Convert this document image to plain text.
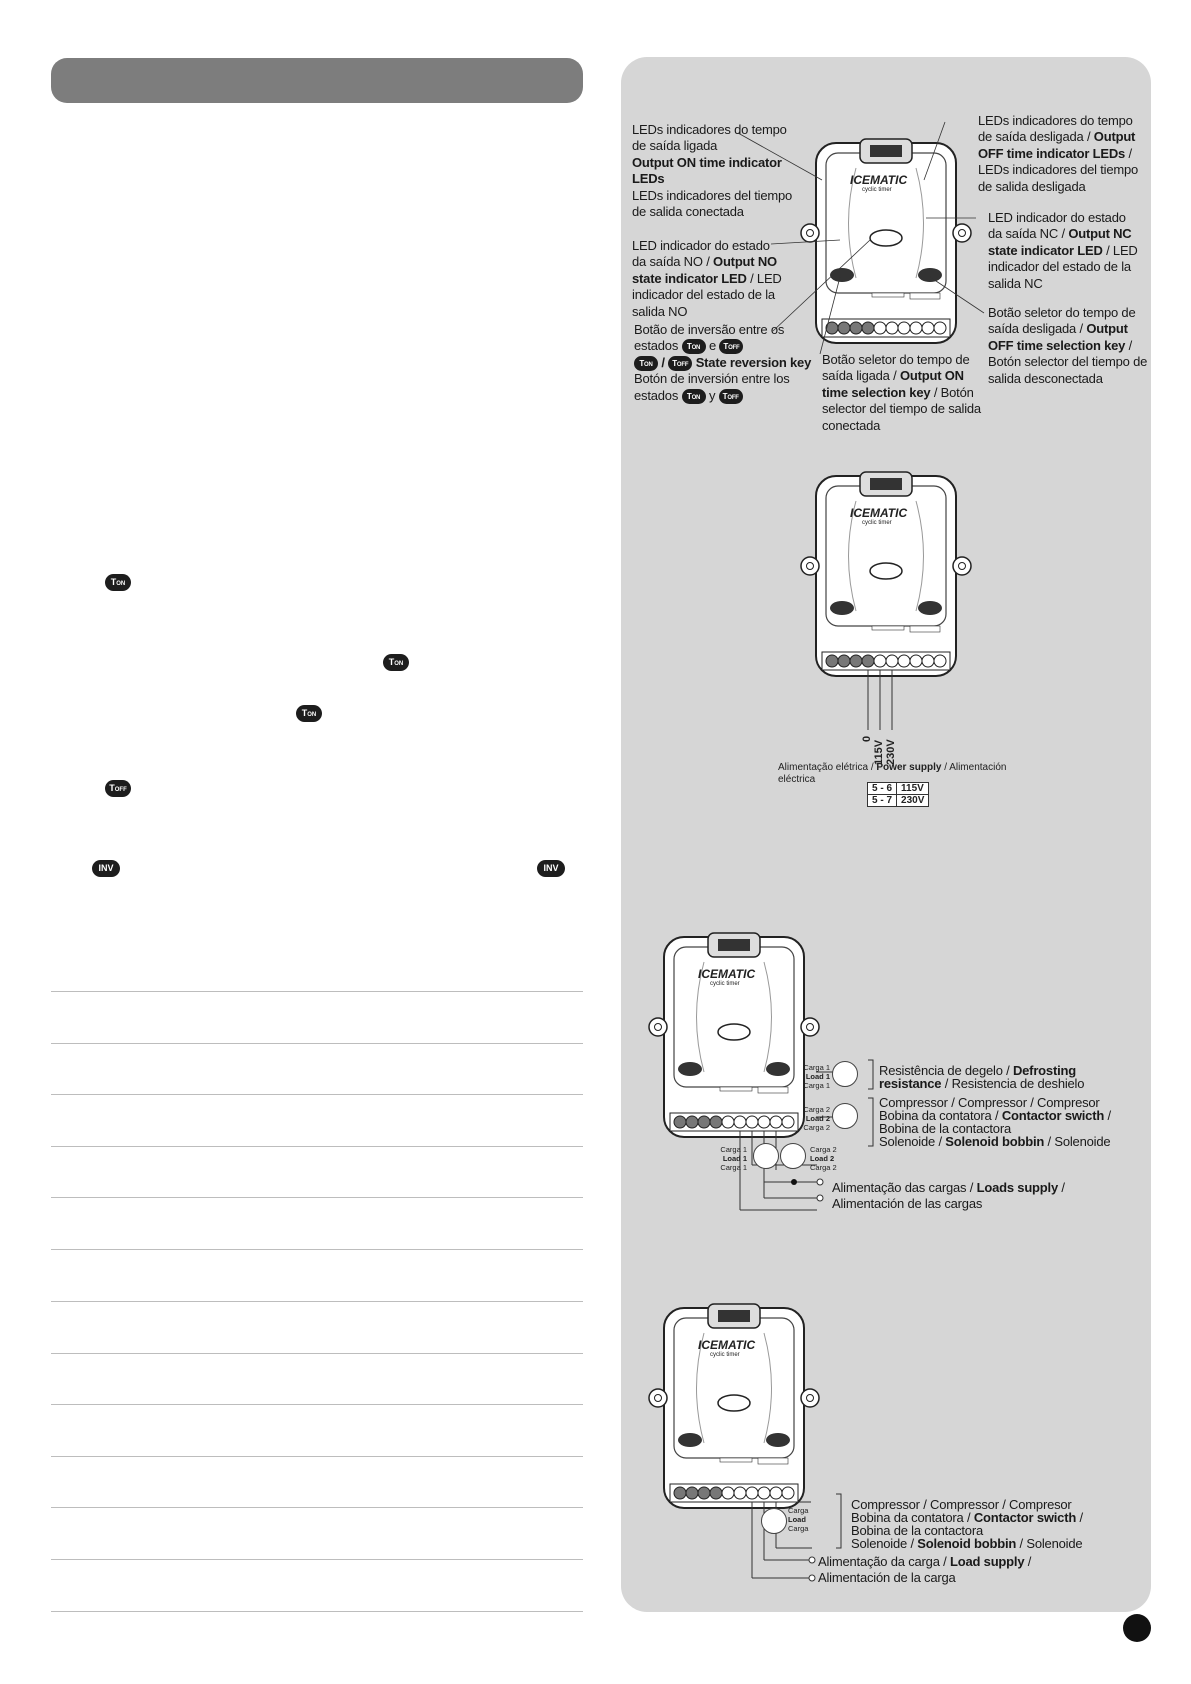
TON
TON
TON
TOFF
INV	INV
ICEMATIC
cyclic timer
ICEMATIC
cyclic timer
ICEMATIC
cyclic timer
ICEMATIC
cyclic timer
LEDs indicadores do tempo de saída ligada
Output ON time indicator LEDs
LEDs indicadores del tiempo de salida conectada
LEDs indicadores do tempo de saída desligada / Output OFF time indicator LEDs / LEDs indicadores del tiempo de salida desligada
LED indicador do estado da saída NO / Output NO state indicator LED / LED indicador del estado de la salida NO
LED indicador do estado da saída NC / Output NC state indicator LED / LED indicador del estado de la salida NC
Botão de inversão entre os estados TON e TOFF
TON / TOFF State reversion key
Botón de inversión entre los estados TON y TOFF
Botão seletor do tempo de saída ligada / Output ON time selection key / Botón selector del tiempo de salida conectada
Botão seletor do tempo de saída desligada / Output OFF time selection key / Botón selector del tiempo de salida desconectada
0
115V 230V
Alimentação elétrica / Power supply / Alimentación eléctrica
5 - 6	115V
5 - 7	230V
Carga 1
Load 1
Carga 1
Carga 2
Load 2
Carga 2
Carga 1
Load 1
Carga 1
Carga 2
Load 2
Carga 2
Resistência de degelo / Defrosting resistance / Resistencia de deshielo
Compressor / Compressor / Compresor
Bobina da contatora / Contactor swicth /
Bobina de la contactora
Solenoide / Solenoid bobbin / Solenoide
Alimentação das cargas / Loads supply /
Alimentación de las cargas
Carga
Load
Carga
Compressor / Compressor / Compresor
Bobina da contatora / Contactor swicth /
Bobina de la contactora
Solenoide / Solenoid bobbin / Solenoide
Alimentação da carga / Load supply /
Alimentación de la carga
